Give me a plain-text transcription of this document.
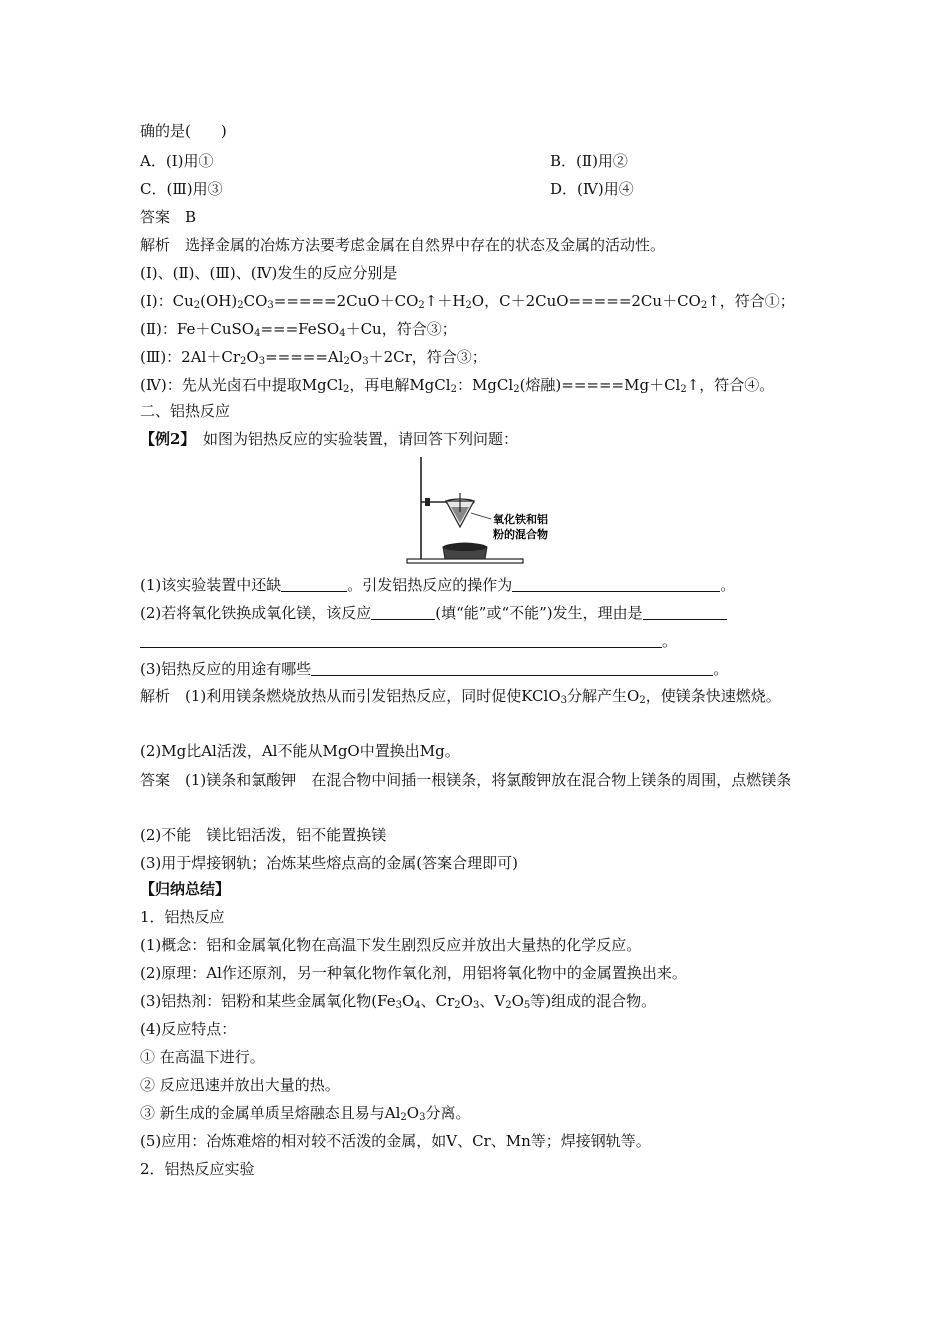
确的是(　　)
A．(Ⅰ)用①	B．(Ⅱ)用②
C．(Ⅲ)用③	D．(Ⅳ)用④
答案　B
解析　选择金属的冶炼方法要考虑金属在自然界中存在的状态及金属的活动性。
(Ⅰ)、(Ⅱ)、(Ⅲ)、(Ⅳ)发生的反应分别是
(Ⅰ)：$Cu_2(OH)_2CO_3=====2CuO+CO_2↑+H_2O$，$C+2CuO=====2Cu+CO_2↑$，符合①；
(Ⅱ)：Fe＋CuSO$_4$===FeSO$_4$＋Cu，符合③；
(Ⅲ)：$2Al+Cr_2O_3=====Al_2O_3+2Cr$，符合③；
(Ⅳ)：先从光卤石中提取MgCl$_2$，再电解MgCl$_2$：MgCl$_2$(熔融)$=====Mg+Cl_2↑$，符合④。
二、铝热反应
【例2】　如图为铝热反应的实验装置，请回答下列问题：
氧化铁和铝
粉的混合物
(1)该实验装置中还缺	。引发铝热反应的操作为	。
(2)若将氧化铁换成氧化镁，该反应	(填“能”或“不能”)发生，理由是
。
(3)铝热反应的用途有哪些	。
解析　(1)利用镁条燃烧放热从而引发铝热反应，同时促使KClO$_3$分解产生$O_2$，使镁条快速燃烧。
(2)Mg比Al活泼，Al不能从MgO中置换出Mg。
答案　(1)镁条和氯酸钾　在混合物中间插一根镁条，将氯酸钾放在混合物上镁条的周围，点燃镁条
(2)不能　镁比铝活泼，铝不能置换镁
(3)用于焊接钢轨；冶炼某些熔点高的金属(答案合理即可)
【归纳总结】
1．铝热反应
(1)概念：铝和金属氧化物在高温下发生剧烈反应并放出大量热的化学反应。
(2)原理：Al作还原剂，另一种氧化物作氧化剂，用铝将氧化物中的金属置换出来。
(3)铝热剂：铝粉和某些金属氧化物($Fe_3O_4$、$Cr_2O_3$、$V_2O_5$等)组成的混合物。
(4)反应特点：
① 在高温下进行。
② 反应迅速并放出大量的热。
③ 新生成的金属单质呈熔融态且易与$Al_2O_3$分离。
(5)应用：冶炼难熔的相对较不活泼的金属，如V、Cr、Mn等；焊接钢轨等。
2．铝热反应实验
